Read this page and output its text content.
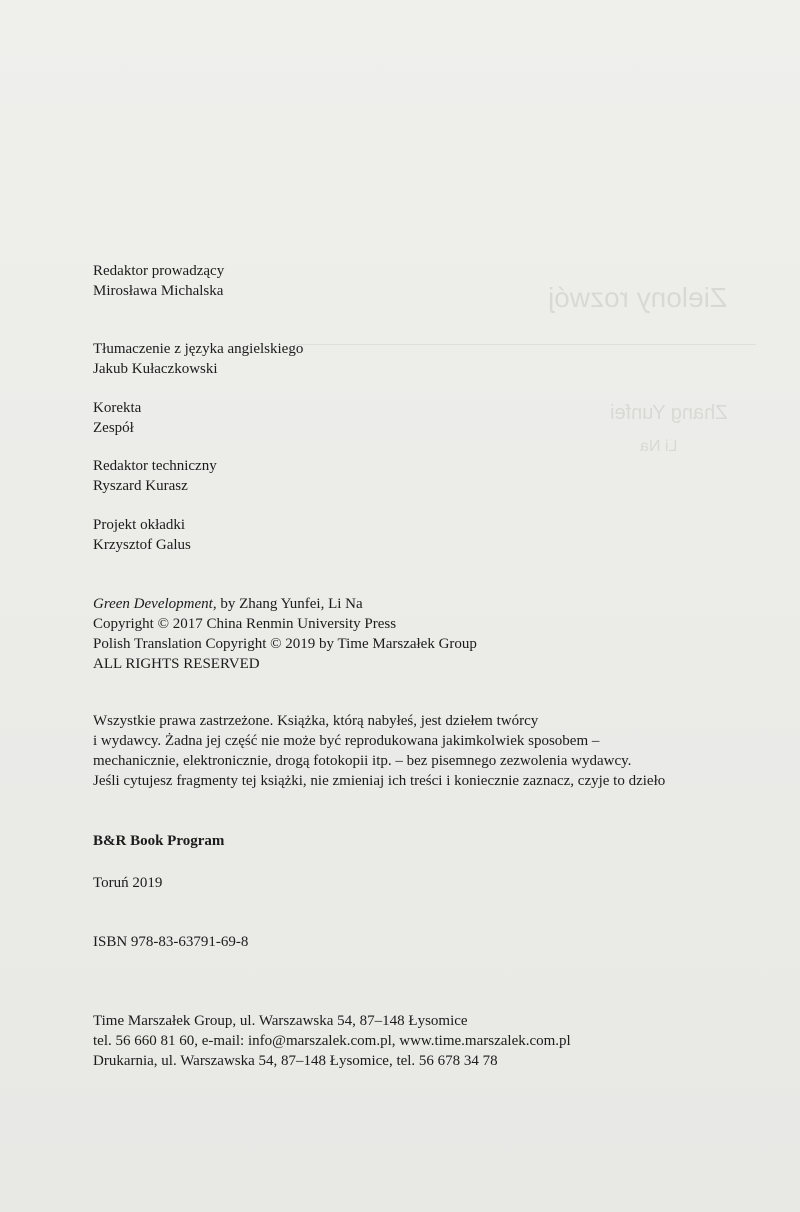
Zielony rozwój
Zhang Yunfei
Li Na
Redaktor prowadzący
Mirosława Michalska
Tłumaczenie z języka angielskiego
Jakub Kułaczkowski
Korekta
Zespół
Redaktor techniczny
Ryszard Kurasz
Projekt okładki
Krzysztof Galus
Green Development, by Zhang Yunfei, Li Na
Copyright © 2017 China Renmin University Press
Polish Translation Copyright © 2019 by Time Marszałek Group
ALL RIGHTS RESERVED
Wszystkie prawa zastrzeżone. Książka, którą nabyłeś, jest dziełem twórcy
i wydawcy. Żadna jej część nie może być reprodukowana jakimkolwiek sposobem –
mechanicznie, elektronicznie, drogą fotokopii itp. – bez pisemnego zezwolenia wydawcy.
Jeśli cytujesz fragmenty tej książki, nie zmieniaj ich treści i koniecznie zaznacz, czyje to dzieło
B&R Book Program
Toruń 2019
ISBN 978-83-63791-69-8
Time Marszałek Group, ul. Warszawska 54, 87–148 Łysomice
tel. 56 660 81 60, e-mail: info@marszalek.com.pl, www.time.marszalek.com.pl
Drukarnia, ul. Warszawska 54, 87–148 Łysomice, tel. 56 678 34 78
